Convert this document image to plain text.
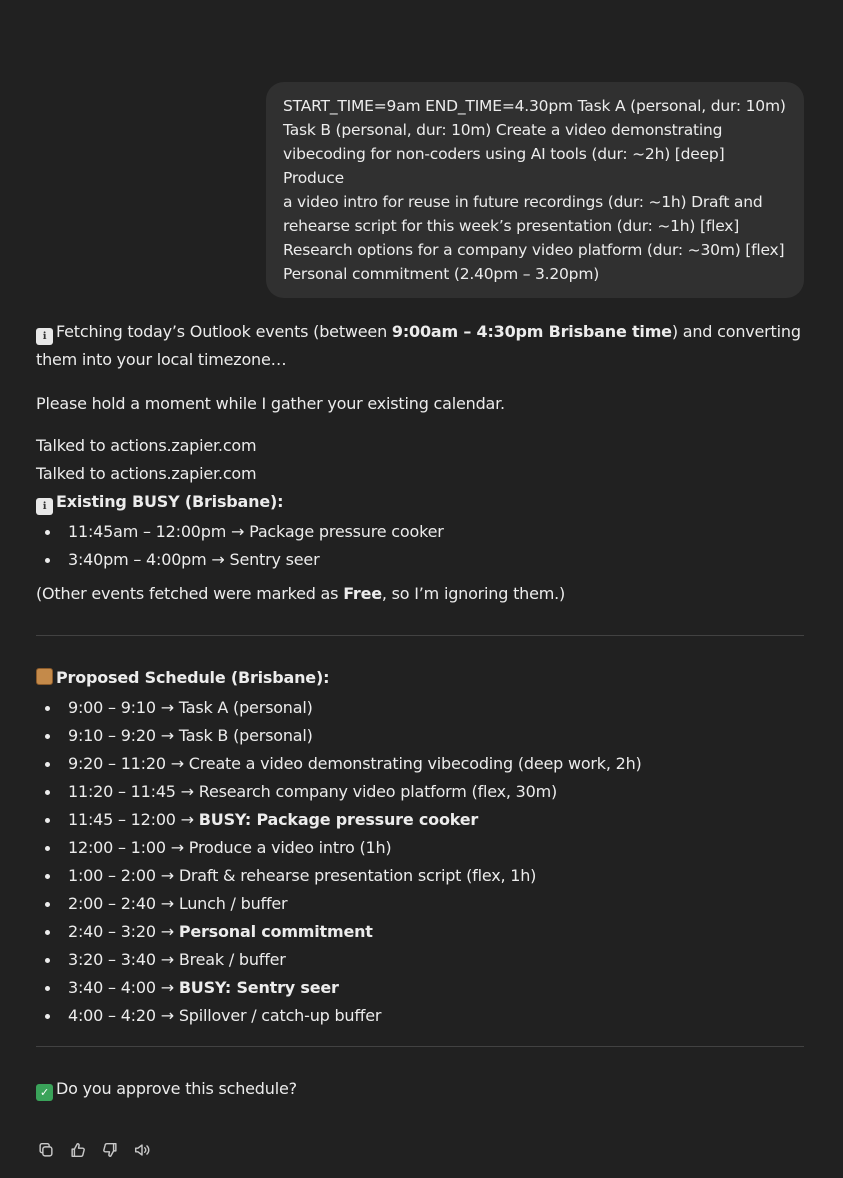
START_TIME=9am END_TIME=4.30pm Task A (personal, dur: 10m)
Task B (personal, dur: 10m) Create a video demonstrating
vibecoding for non-coders using AI tools (dur: ~2h) [deep] Produce
a video intro for reuse in future recordings (dur: ~1h) Draft and
rehearse script for this week’s presentation (dur: ~1h) [flex]
Research options for a company video platform (dur: ~30m) [flex]
Personal commitment (2.40pm – 3.20pm)

ℹ Fetching today’s Outlook events (between 9:00am – 4:30pm Brisbane time) and converting them into your local timezone…

Please hold a moment while I gather your existing calendar.

Talked to actions.zapier.com
Talked to actions.zapier.com
ℹ Existing BUSY (Brisbane):
11:45am – 12:00pm → Package pressure cooker
3:40pm – 4:00pm → Sentry seer

(Other events fetched were marked as Free, so I’m ignoring them.)

Proposed Schedule (Brisbane):
9:00 – 9:10 → Task A (personal)
9:10 – 9:20 → Task B (personal)
9:20 – 11:20 → Create a video demonstrating vibecoding (deep work, 2h)
11:20 – 11:45 → Research company video platform (flex, 30m)
11:45 – 12:00 → BUSY: Package pressure cooker
12:00 – 1:00 → Produce a video intro (1h)
1:00 – 2:00 → Draft & rehearse presentation script (flex, 1h)
2:00 – 2:40 → Lunch / buffer
2:40 – 3:20 → Personal commitment
3:20 – 3:40 → Break / buffer
3:40 – 4:00 → BUSY: Sentry seer
4:00 – 4:20 → Spillover / catch-up buffer
✓ Do you approve this schedule?
